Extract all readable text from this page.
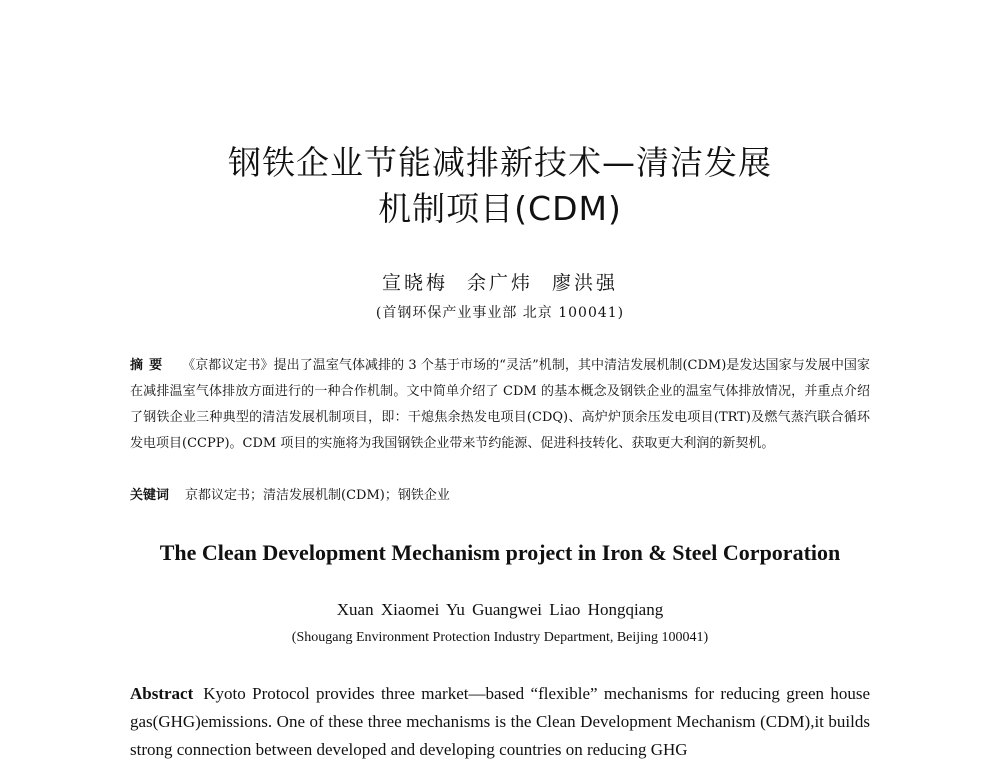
钢铁企业节能减排新技术—清洁发展
机制项目(CDM)
宣晓梅 余广炜 廖洪强
(首钢环保产业事业部 北京 100041)
摘要 《京都议定书》提出了温室气体减排的 3 个基于市场的“灵活”机制，其中清洁发展机制(CDM)是发达国家与发展中国家在减排温室气体排放方面进行的一种合作机制。文中简单介绍了 CDM 的基本概念及钢铁企业的温室气体排放情况，并重点介绍了钢铁企业三种典型的清洁发展机制项目，即：干熄焦余热发电项目(CDQ)、高炉炉顶余压发电项目(TRT)及燃气蒸汽联合循环发电项目(CCPP)。CDM 项目的实施将为我国钢铁企业带来节约能源、促进科技转化、获取更大利润的新契机。
关键词 京都议定书；清洁发展机制(CDM)；钢铁企业
The Clean Development Mechanism project in Iron & Steel Corporation
Xuan Xiaomei Yu Guangwei Liao Hongqiang
(Shougang Environment Protection Industry Department, Beijing 100041)
Abstract Kyoto Protocol provides three market—based “flexible” mechanisms for reducing green house gas(GHG)emissions. One of these three mechanisms is the Clean Development Mechanism (CDM),it builds strong connection between developed and developing countries on reducing GHG
